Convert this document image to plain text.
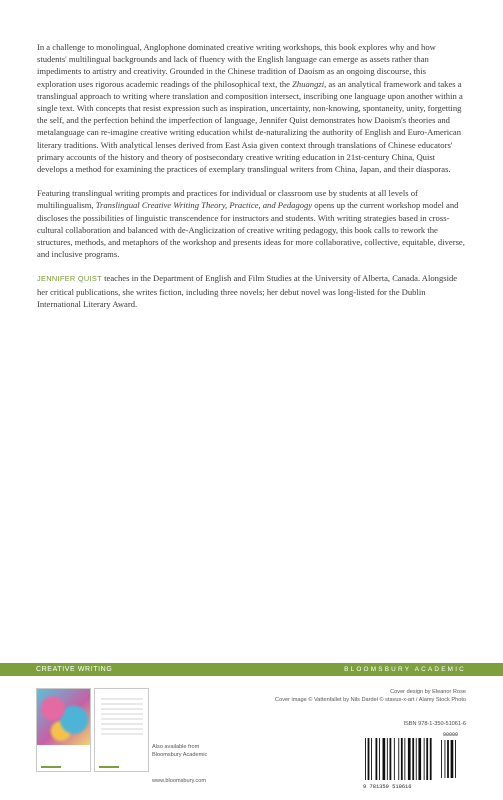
In a challenge to monolingual, Anglophone dominated creative writing workshops, this book explores why and how students' multilingual backgrounds and lack of fluency with the English language can emerge as assets rather than impediments to artistry and creativity. Grounded in the Chinese tradition of Daoism as an ongoing discourse, this exploration uses rigorous academic readings of the philosophical text, the Zhuangzi, as an analytical framework and takes a translingual approach to writing where translation and composition intersect, inscribing one language upon another within a single text. With concepts that resist expression such as inspiration, uncertainty, non-knowing, spontaneity, unity, forgetting the self, and the perfection behind the imperfection of language, Jennifer Quist demonstrates how Daoism's theories and metalanguage can re-imagine creative writing education whilst de-naturalizing the authority of English and Euro-American literary traditions. With analytical lenses derived from East Asia given context through translations of Chinese educators' primary accounts of the history and theory of postsecondary creative writing education in 21st-century China, Quist develops a method for examining the practices of exemplary translingual writers from China, Japan, and their diasporas.

Featuring translingual writing prompts and practices for individual or classroom use by students at all levels of multilingualism, Translingual Creative Writing Theory, Practice, and Pedagogy opens up the current workshop model and discloses the possibilities of linguistic transcendence for instructors and students. With writing strategies based in cross-cultural collaboration and balanced with de-Anglicization of creative writing pedagogy, this book calls to rework the structures, methods, and metaphors of the workshop and presents ideas for more collaborative, collective, equitable, diverse, and inclusive programs.

JENNIFER QUIST teaches in the Department of English and Film Studies at the University of Alberta, Canada. Alongside her critical publications, she writes fiction, including three novels; her debut novel was long-listed for the Dublin International Literary Award.

CREATIVE WRITING	BLOOMSBURY ACADEMIC
Also available from
Bloomsbury Academic
www.bloomsbury.com
Cover design by Eleanor Rose
Cover image © Vattenfallet by Nils Dardel © stavus-x-art / Alamy Stock Photo
ISBN 978-1-350-51061-6
9 781350 510616
90000
